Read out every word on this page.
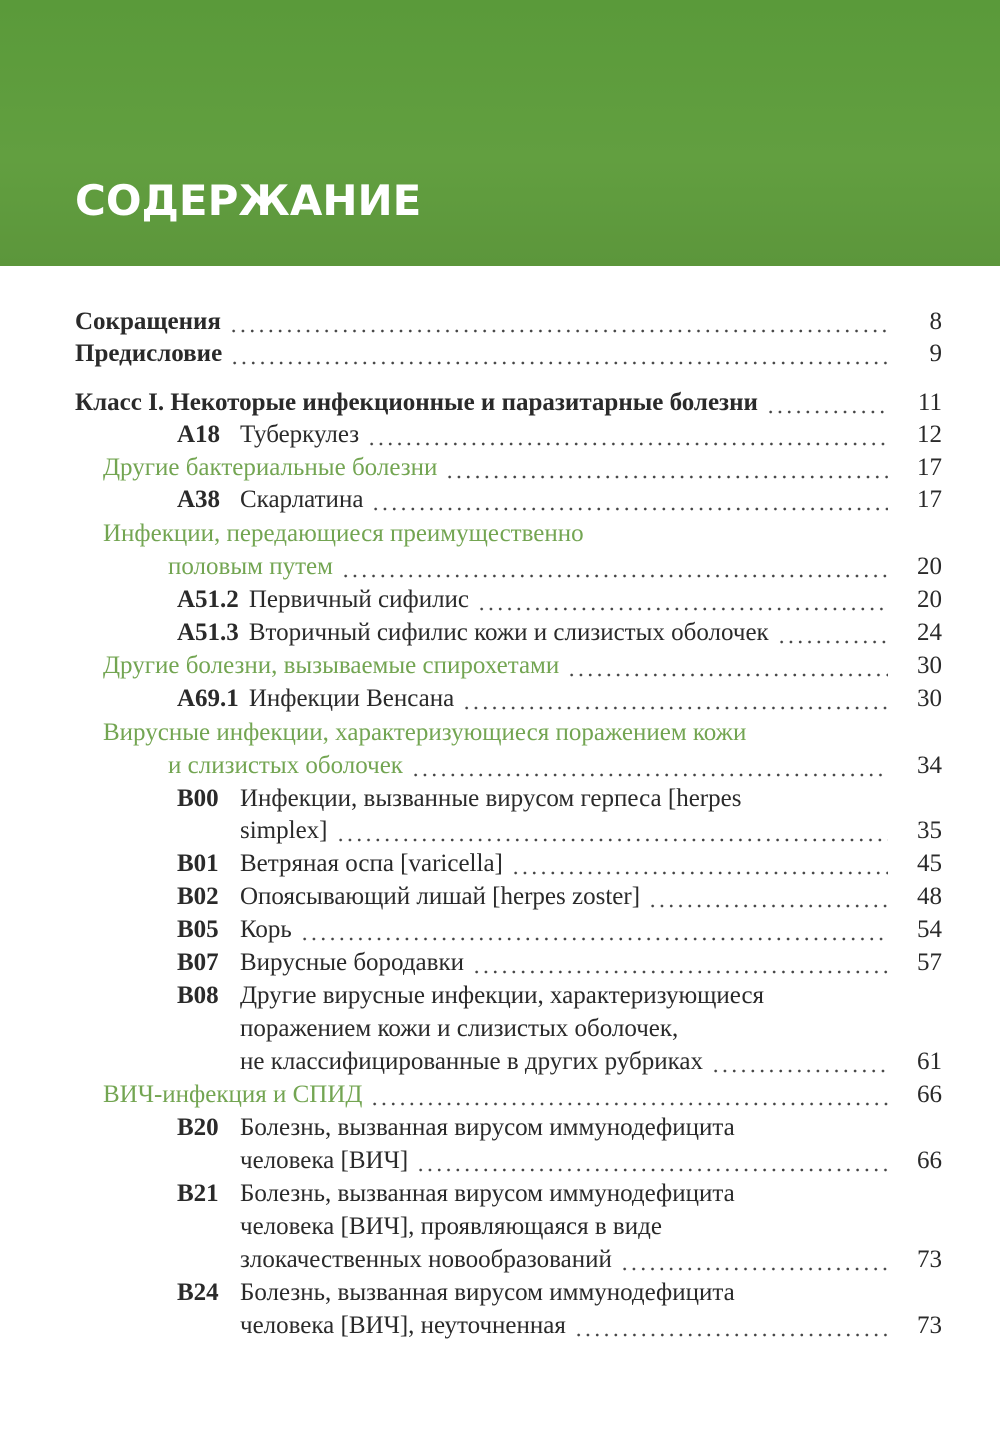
СОДЕРЖАНИЕ
Сокращения	8
Предисловие	9
Класс I. Некоторые инфекционные и паразитарные болезни	11
A18 Туберкулез	12
Другие бактериальные болезни	17
A38 Скарлатина	17
Инфекции, передающиеся преимущественно
половым путем	20
A51.2 Первичный сифилис	20
A51.3 Вторичный сифилис кожи и слизистых оболочек	24
Другие болезни, вызываемые спирохетами	30
A69.1 Инфекции Венсана	30
Вирусные инфекции, характеризующиеся поражением кожи
и слизистых оболочек	34
B00 Инфекции, вызванные вирусом герпеса [herpes
simplex]	35
B01 Ветряная оспа [varicella]	45
B02 Опоясывающий лишай [herpes zoster]	48
B05 Корь	54
B07 Вирусные бородавки	57
B08 Другие вирусные инфекции, характеризующиеся
поражением кожи и слизистых оболочек,
не классифицированные в других рубриках	61
ВИЧ-инфекция и СПИД	66
B20 Болезнь, вызванная вирусом иммунодефицита
человека [ВИЧ]	66
B21 Болезнь, вызванная вирусом иммунодефицита
человека [ВИЧ], проявляющаяся в виде
злокачественных новообразований	73
B24 Болезнь, вызванная вирусом иммунодефицита
человека [ВИЧ], неуточненная	73
